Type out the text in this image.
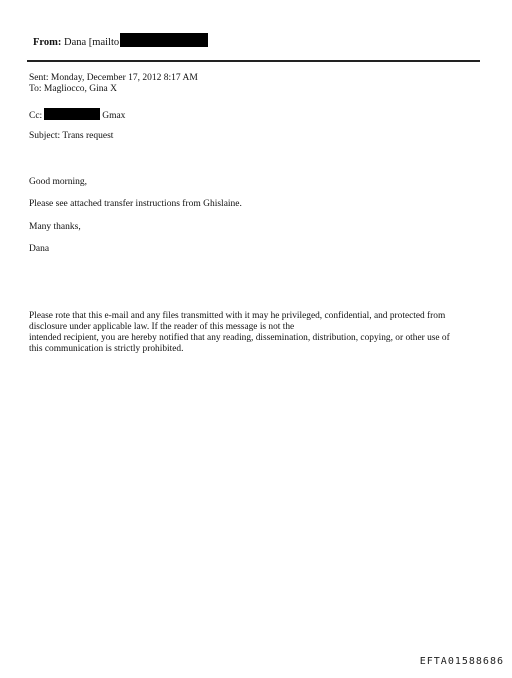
From: Dana [mailto
Sent: Monday, December 17, 2012 8:17 AM
To: Magliocco, Gina X
Cc:	Gmax
Subject: Trans request
Good morning,
Please see attached transfer instructions from Ghislaine.
Many thanks,
Dana
Please rote that this e-mail and any files transmitted with it may he privileged, confidential, and protected from
disclosure under applicable law. If the reader of this message is not the
intended recipient, you are hereby notified that any reading, dissemination, distribution, copying, or other use of
this communication is strictly prohibited.
EFTA01588686
